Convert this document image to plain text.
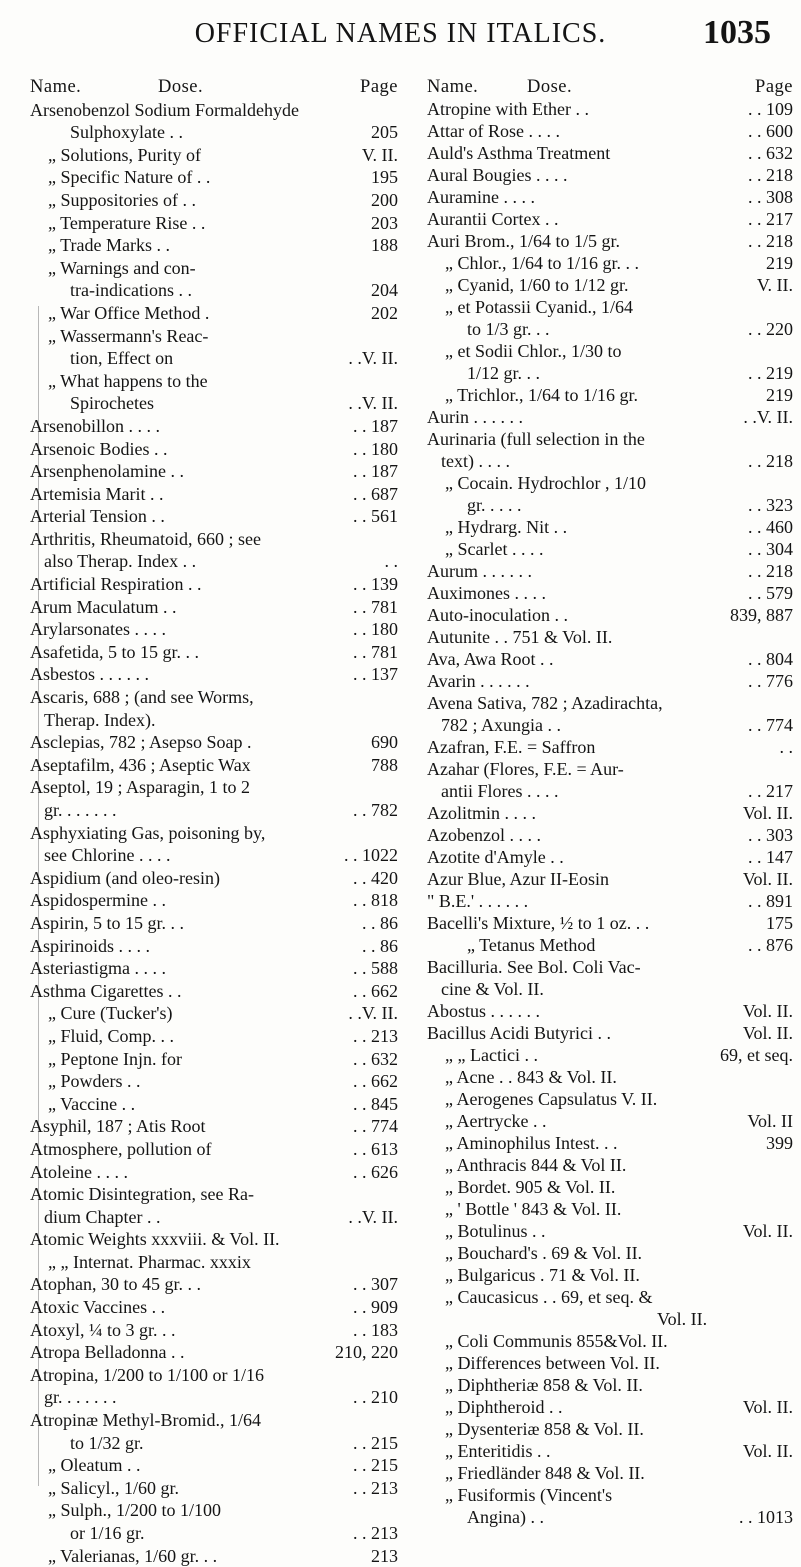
OFFICIAL NAMES IN ITALICS.	1035
Name.	Dose.	Page
Arsenobenzol Sodium Formaldehyde
Sulphoxylate . .	205
„ Solutions, Purity of	V. II.
„ Specific Nature of . .	195
„ Suppositories of . .	200
„ Temperature Rise . .	203
„ Trade Marks . .	188
„ Warnings and con-
tra-indications . .	204
„ War Office Method .	202
„ Wassermann's Reac-
tion, Effect on	. .V. II.
„ What happens to the
Spirochetes	. .V. II.
Arsenobillon . . . .	. . 187
Arsenoic Bodies . .	. . 180
Arsenphenolamine . .	. . 187
Artemisia Marit . .	. . 687
Arterial Tension . .	. . 561
Arthritis, Rheumatoid, 660 ; see
also Therap. Index . .	. .
Artificial Respiration . .	. . 139
Arum Maculatum . .	. . 781
Arylarsonates . . . .	. . 180
Asafetida, 5 to 15 gr. . .	. . 781
Asbestos . . . . . .	. . 137
Ascaris, 688 ; (and see Worms,
Therap. Index).
Asclepias, 782 ; Asepso Soap .	690
Aseptafilm, 436 ; Aseptic Wax	788
Aseptol, 19 ; Asparagin, 1 to 2
gr. . . . . . .	. . 782
Asphyxiating Gas, poisoning by,
see Chlorine . . . .	. . 1022
Aspidium (and oleo-resin)	. . 420
Aspidospermine . .	. . 818
Aspirin, 5 to 15 gr. . .	. . 86
Aspirinoids . . . .	. . 86
Asteriastigma . . . .	. . 588
Asthma Cigarettes . .	. . 662
„ Cure (Tucker's)	. .V. II.
„ Fluid, Comp. . .	. . 213
„ Peptone Injn. for	. . 632
„ Powders . .	. . 662
„ Vaccine . .	. . 845
Asyphil, 187 ; Atis Root	. . 774
Atmosphere, pollution of	. . 613
Atoleine . . . .	. . 626
Atomic Disintegration, see Ra-
dium Chapter . .	. .V. II.
Atomic Weights xxxviii. & Vol. II.
„ „ Internat. Pharmac. xxxix
Atophan, 30 to 45 gr. . .	. . 307
Atoxic Vaccines . .	. . 909
Atoxyl, ¼ to 3 gr. . .	. . 183
Atropa Belladonna . .	210, 220
Atropina, 1/200 to 1/100 or 1/16
gr. . . . . . .	. . 210
Atropinæ Methyl-Bromid., 1/64
to 1/32 gr.	. . 215
„ Oleatum . .	. . 215
„ Salicyl., 1/60 gr.	. . 213
„ Sulph., 1/200 to 1/100
or 1/16 gr.	. . 213
„ Valerianas, 1/60 gr. . .	213
Name.	Dose.	Page
Atropine with Ether . .	. . 109
Attar of Rose . . . .	. . 600
Auld's Asthma Treatment	. . 632
Aural Bougies . . . .	. . 218
Auramine . . . .	. . 308
Aurantii Cortex . .	. . 217
Auri Brom., 1/64 to 1/5 gr.	. . 218
„ Chlor., 1/64 to 1/16 gr. . .	219
„ Cyanid, 1/60 to 1/12 gr.	V. II.
„ et Potassii Cyanid., 1/64
to 1/3 gr. . .	. . 220
„ et Sodii Chlor., 1/30 to
1/12 gr. . .	. . 219
„ Trichlor., 1/64 to 1/16 gr.	219
Aurin . . . . . .	. .V. II.
Aurinaria (full selection in the
text) . . . .	. . 218
„ Cocain. Hydrochlor , 1/10
gr. . . . .	. . 323
„ Hydrarg. Nit . .	. . 460
„ Scarlet . . . .	. . 304
Aurum . . . . . .	. . 218
Auximones . . . .	. . 579
Auto-inoculation . .	839, 887
Autunite . . 751 & Vol. II.
Ava, Awa Root . .	. . 804
Avarin . . . . . .	. . 776
Avena Sativa, 782 ; Azadirachta,
782 ; Axungia . .	. . 774
Azafran, F.E. = Saffron	. .
Azahar (Flores, F.E. = Aur-
antii Flores . . . .	. . 217
Azolitmin . . . .	Vol. II.
Azobenzol . . . .	. . 303
Azotite d'Amyle . .	. . 147
Azur Blue, Azur II-Eosin	Vol. II.
" B.E.' . . . . . .	. . 891
Bacelli's Mixture, ½ to 1 oz. . .	175
„ Tetanus Method	. . 876
Bacilluria. See Bol. Coli Vac-
cine & Vol. II.
Abostus . . . . . .	Vol. II.
Bacillus Acidi Butyrici . .	Vol. II.
„ „ Lactici . .	69, et seq.
„ Acne . . 843 & Vol. II.
„ Aerogenes Capsulatus V. II.
„ Aertrycke . .	Vol. II
„ Aminophilus Intest. . .	399
„ Anthracis 844 & Vol II.
„ Bordet. 905 & Vol. II.
„ ' Bottle ' 843 & Vol. II.
„ Botulinus . .	Vol. II.
„ Bouchard's . 69 & Vol. II.
„ Bulgaricus . 71 & Vol. II.
„ Caucasicus . . 69, et seq. &
Vol. II.
„ Coli Communis 855&Vol. II.
„ Differences between Vol. II.
„ Diphtheriæ 858 & Vol. II.
„ Diphtheroid . .	Vol. II.
„ Dysenteriæ 858 & Vol. II.
„ Enteritidis . .	Vol. II.
„ Friedländer 848 & Vol. II.
„ Fusiformis (Vincent's
Angina) . .	. . 1013
